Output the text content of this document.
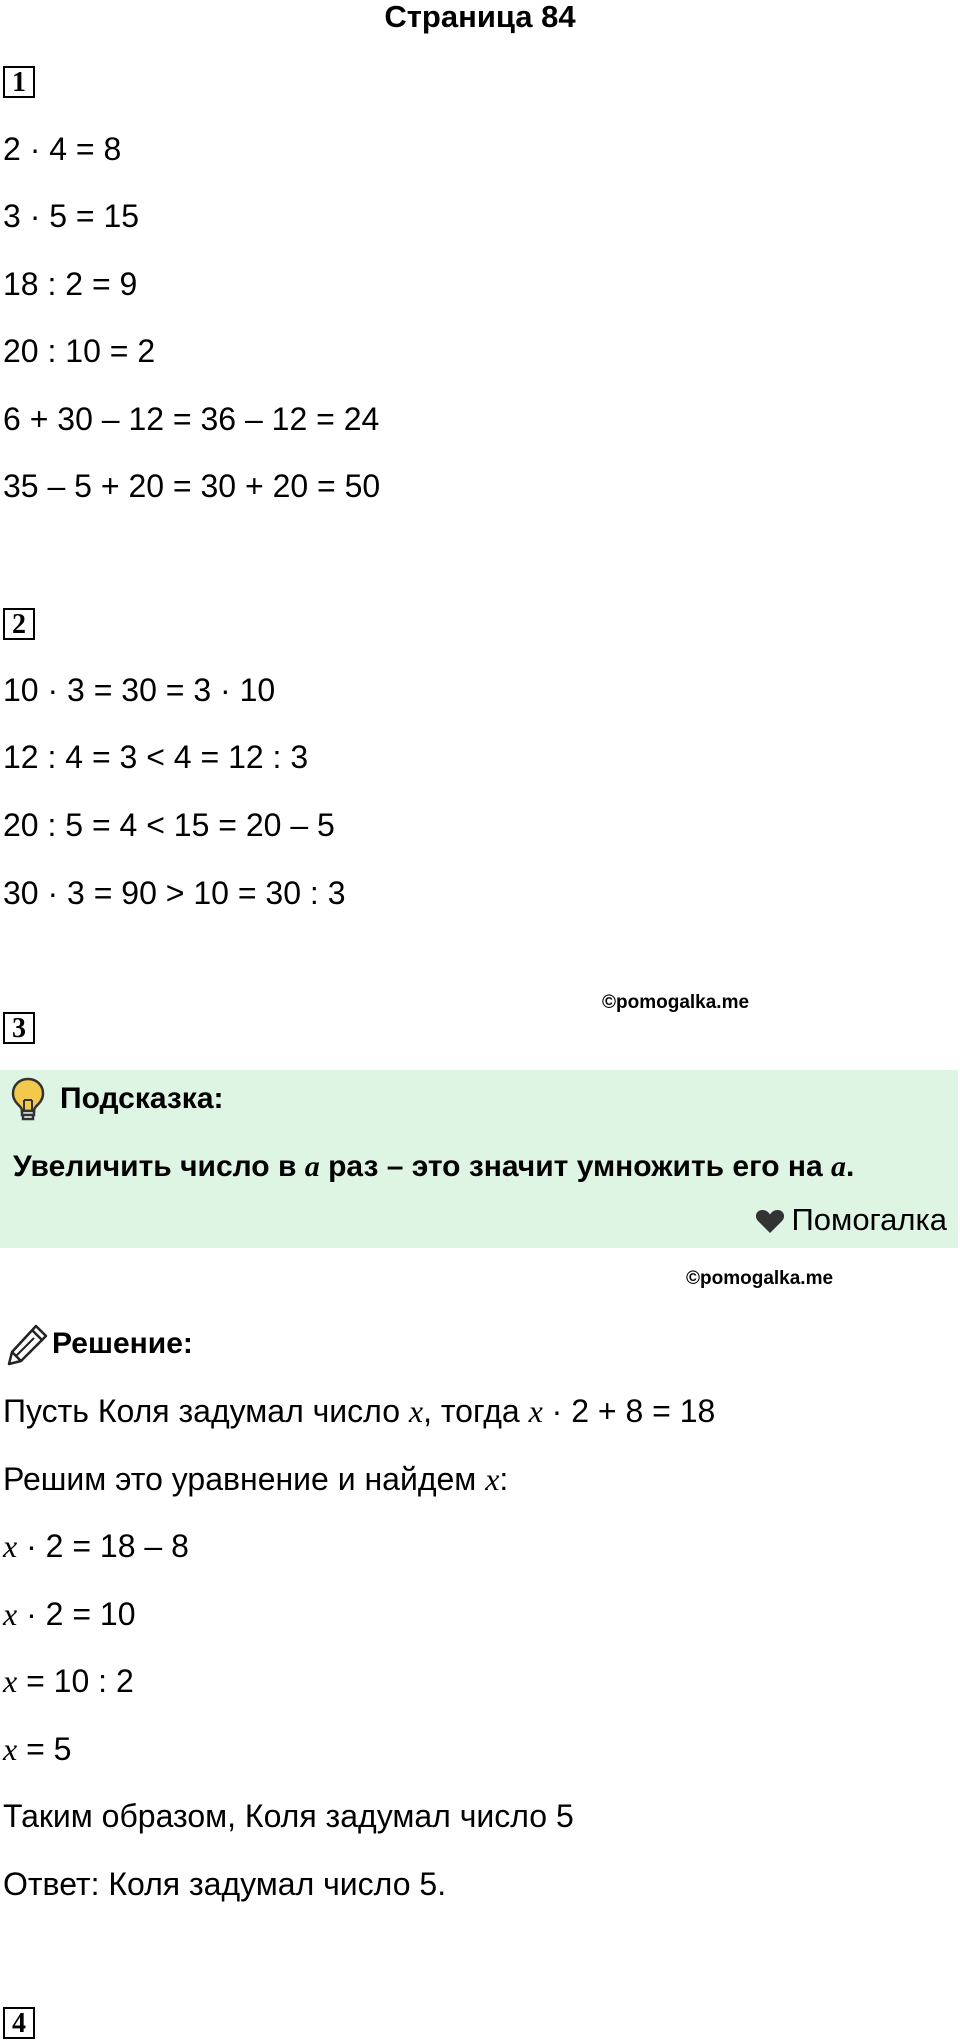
Страница 84
1
2 · 4 = 8
3 · 5 = 15
18 : 2 = 9
20 : 10 = 2
6 + 30 – 12 = 36 – 12 = 24
35 – 5 + 20 = 30 + 20 = 50
2
10 · 3 = 30 = 3 · 10
12 : 4 = 3 < 4 = 12 : 3
20 : 5 = 4 < 15 = 20 – 5
30 · 3 = 90 > 10 = 30 : 3
©pomogalka.me
3
Подсказка:
Увеличить число в a раз – это значит умножить его на a.
Помогалка
©pomogalka.me
Решение:
Пусть Коля задумал число x, тогда x · 2 + 8 = 18
Решим это уравнение и найдем x:
x · 2 = 18 – 8
x · 2 = 10
x = 10 : 2
x = 5
Таким образом, Коля задумал число 5
Ответ: Коля задумал число 5.
4
